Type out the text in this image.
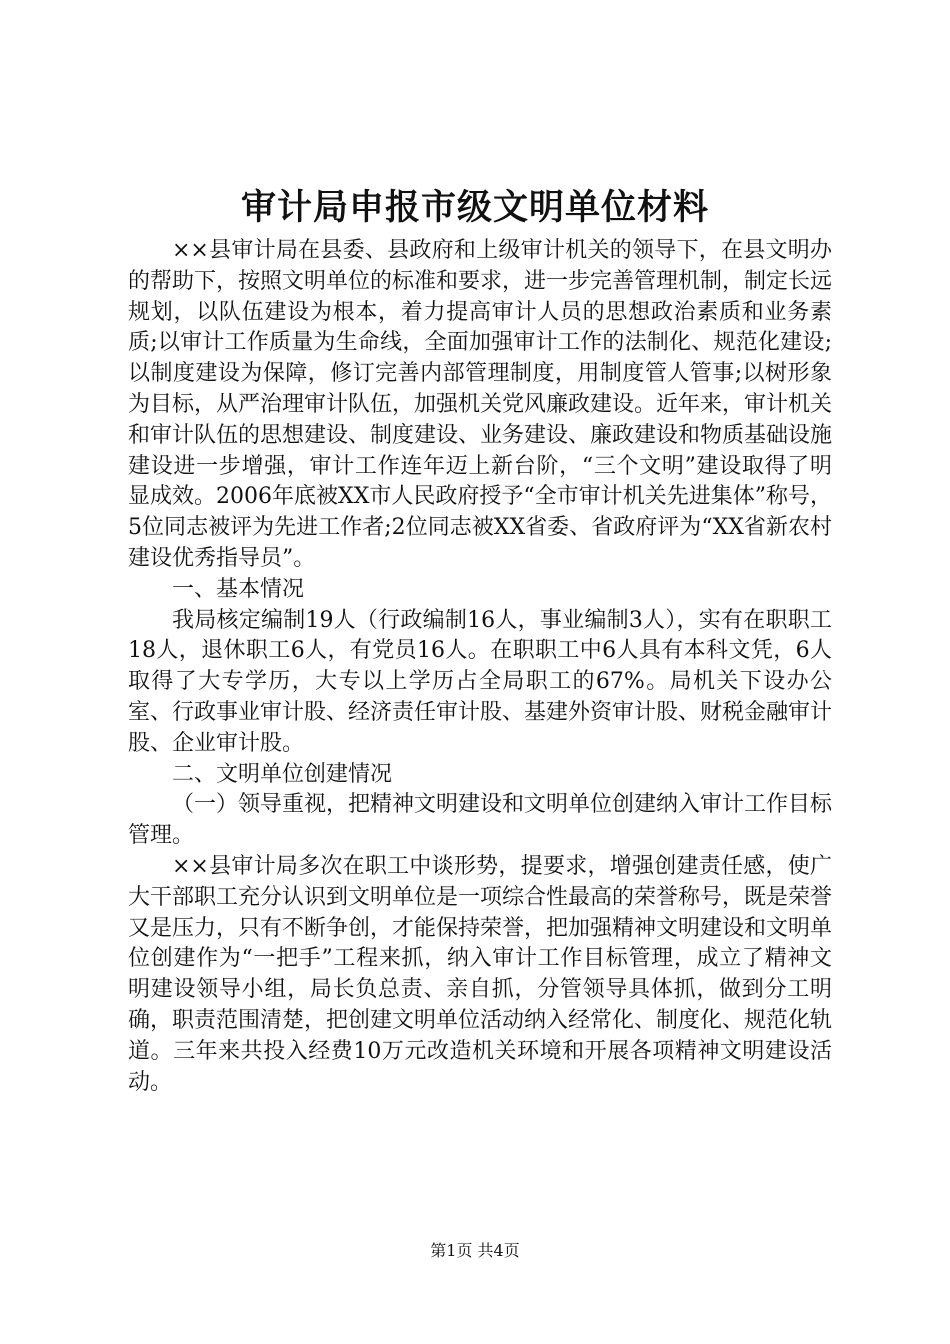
审计局申报市级文明单位材料

××县审计局在县委、县政府和上级审计机关的领导下，在县文明办的帮助下，按照文明单位的标准和要求，进一步完善管理机制，制定长远规划，以队伍建设为根本，着力提高审计人员的思想政治素质和业务素质;以审计工作质量为生命线，全面加强审计工作的法制化、规范化建设;以制度建设为保障，修订完善内部管理制度，用制度管人管事;以树形象为目标，从严治理审计队伍，加强机关党风廉政建设。近年来，审计机关和审计队伍的思想建设、制度建设、业务建设、廉政建设和物质基础设施建设进一步增强，审计工作连年迈上新台阶，“三个文明”建设取得了明显成效。2006年底被XX市人民政府授予“全市审计机关先进集体”称号，5位同志被评为先进工作者;2位同志被XX省委、省政府评为“XX省新农村建设优秀指导员”。

一、基本情况

我局核定编制19人（行政编制16人，事业编制3人），实有在职职工18人，退休职工6人，有党员16人。在职职工中6人具有本科文凭，6人取得了大专学历，大专以上学历占全局职工的67%。局机关下设办公室、行政事业审计股、经济责任审计股、基建外资审计股、财税金融审计股、企业审计股。

二、文明单位创建情况

（一）领导重视，把精神文明建设和文明单位创建纳入审计工作目标管理。

××县审计局多次在职工中谈形势，提要求，增强创建责任感，使广大干部职工充分认识到文明单位是一项综合性最高的荣誉称号，既是荣誉又是压力，只有不断争创，才能保持荣誉，把加强精神文明建设和文明单位创建作为“一把手”工程来抓，纳入审计工作目标管理，成立了精神文明建设领导小组，局长负总责、亲自抓，分管领导具体抓，做到分工明确，职责范围清楚，把创建文明单位活动纳入经常化、制度化、规范化轨道。三年来共投入经费10万元改造机关环境和开展各项精神文明建设活动。

第1页 共4页
